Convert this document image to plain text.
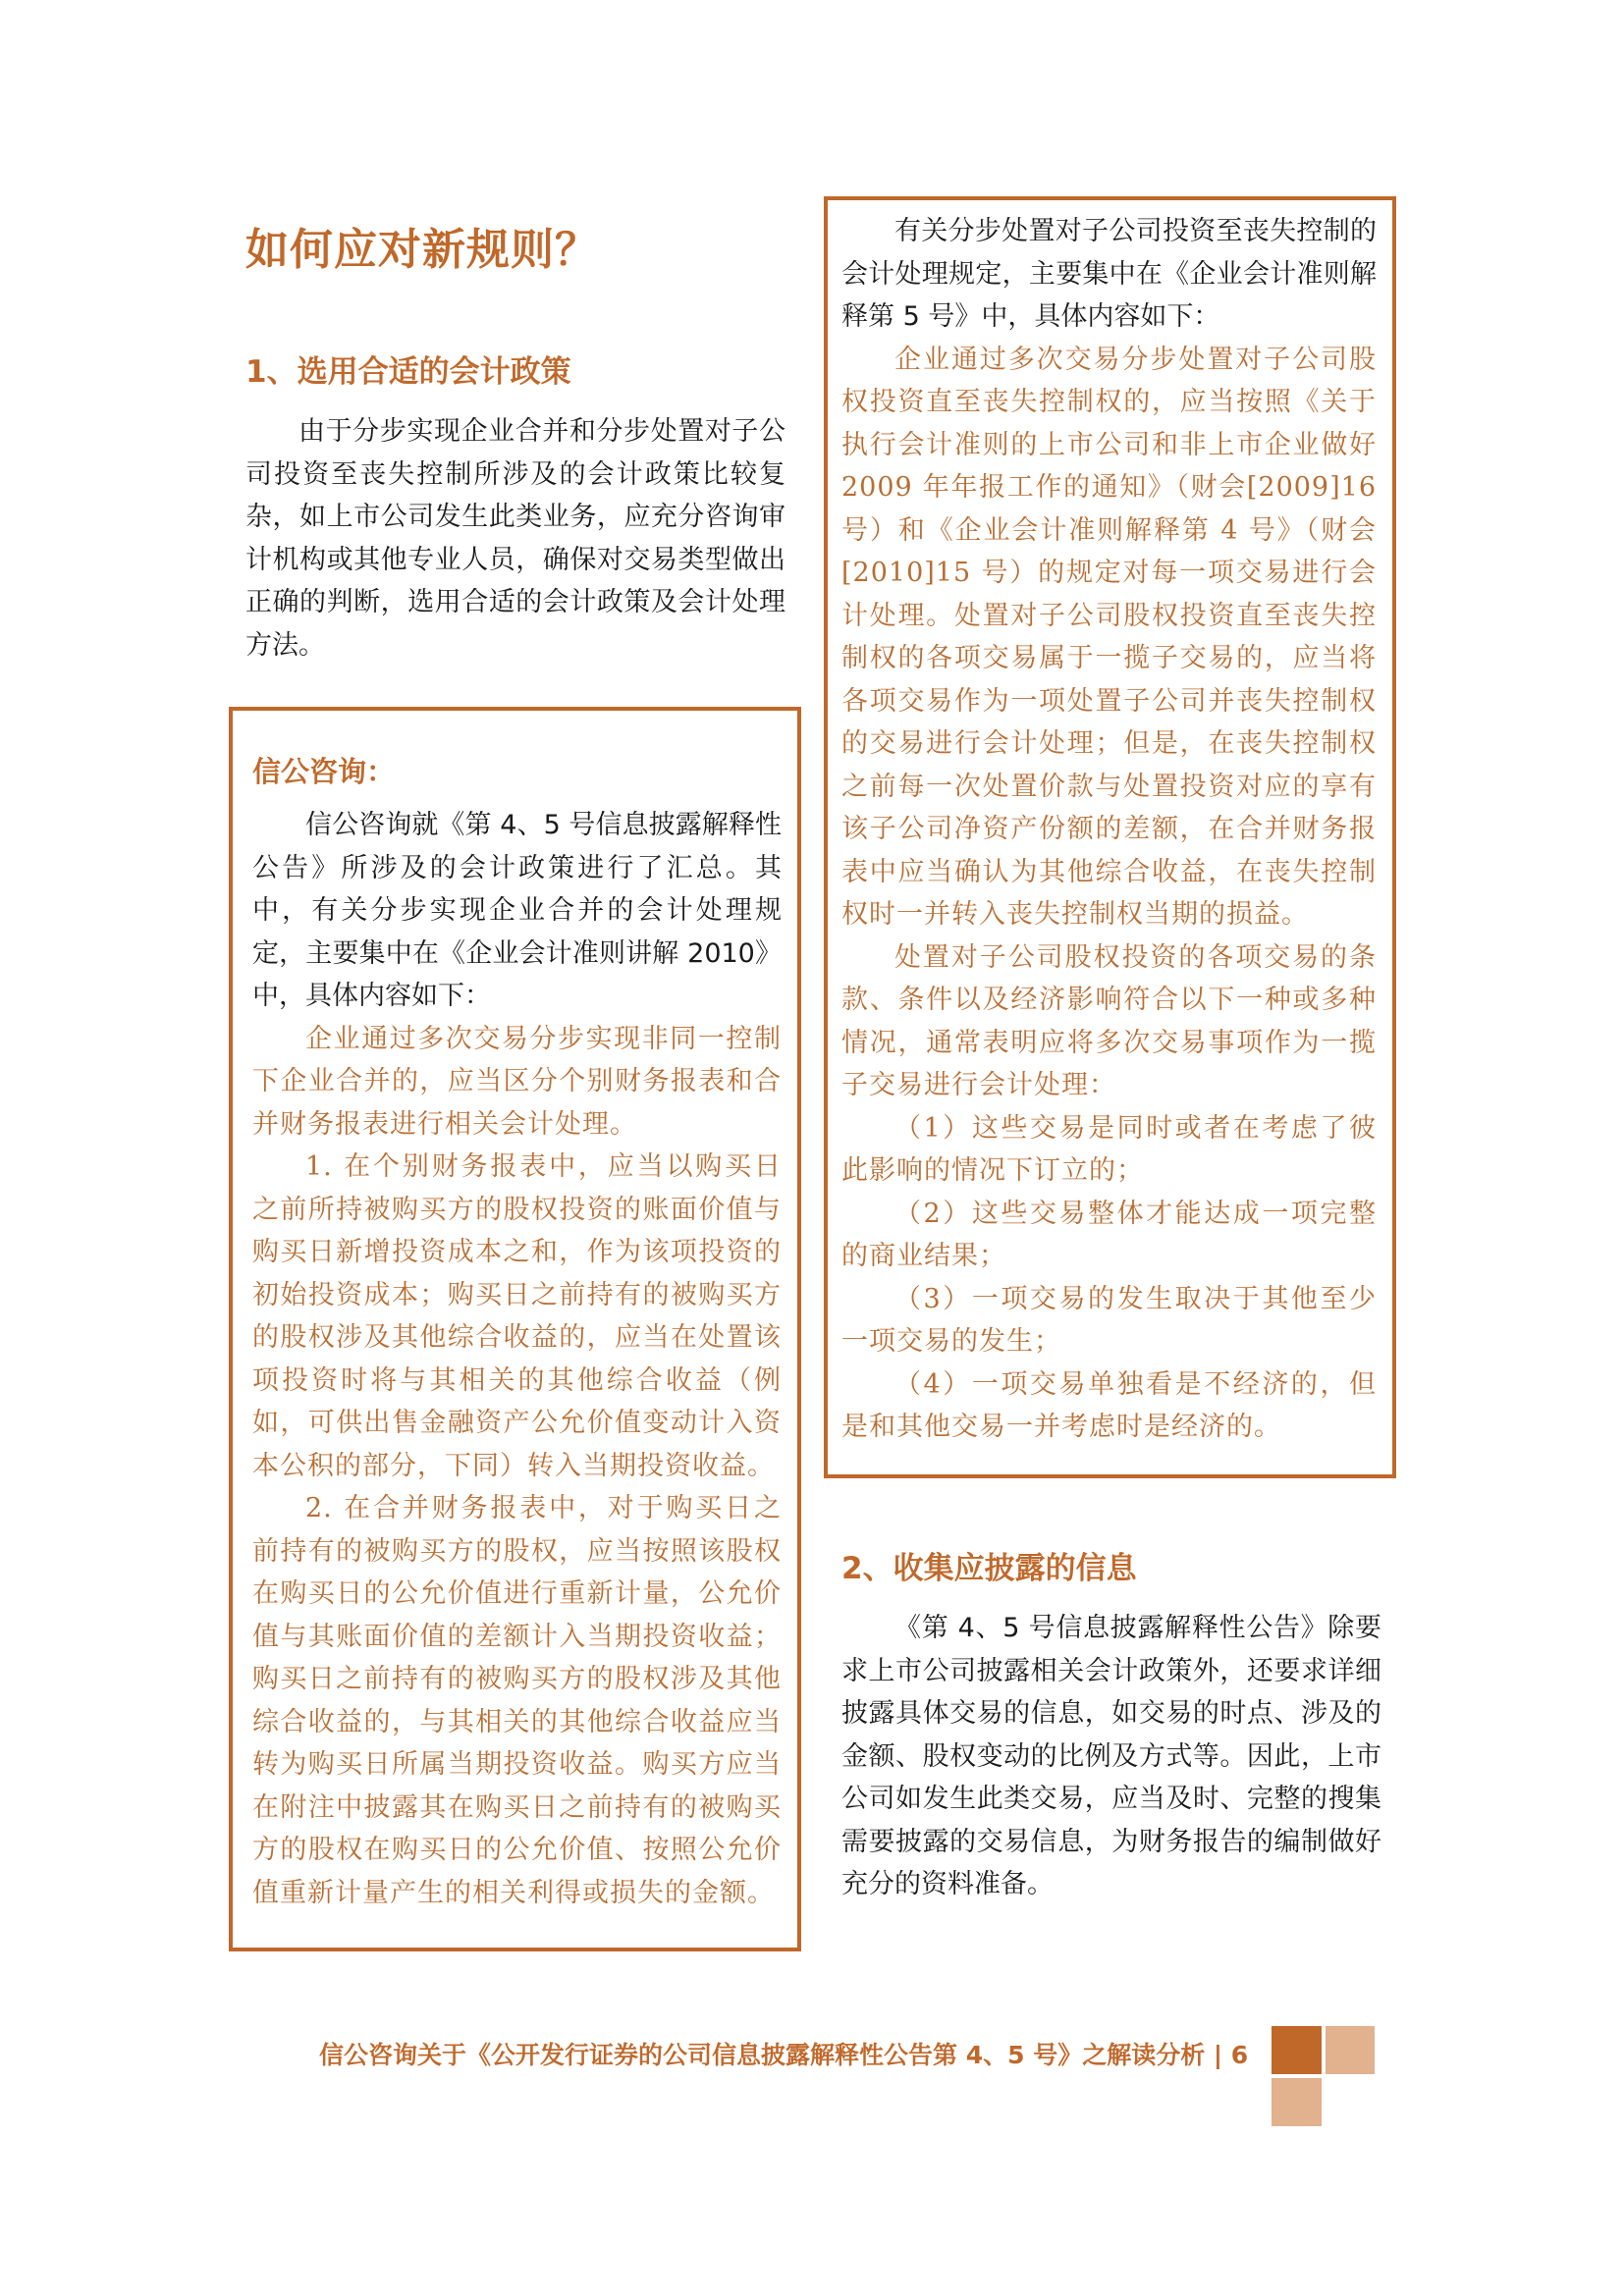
如何应对新规则？
1、选用合适的会计政策

由于分步实现企业合并和分步处置对子公司投资至丧失控制所涉及的会计政策比较复杂，如上市公司发生此类业务，应充分咨询审计机构或其他专业人员，确保对交易类型做出正确的判断，选用合适的会计政策及会计处理方法。

信公咨询：

信公咨询就《第 4、5 号信息披露解释性公告》所涉及的会计政策进行了汇总。其中，有关分步实现企业合并的会计处理规定，主要集中在《企业会计准则讲解 2010》中，具体内容如下：

企业通过多次交易分步实现非同一控制下企业合并的，应当区分个别财务报表和合并财务报表进行相关会计处理。

1. 在个别财务报表中，应当以购买日之前所持被购买方的股权投资的账面价值与购买日新增投资成本之和，作为该项投资的初始投资成本；购买日之前持有的被购买方的股权涉及其他综合收益的，应当在处置该项投资时将与其相关的其他综合收益（例如，可供出售金融资产公允价值变动计入资本公积的部分，下同）转入当期投资收益。

2. 在合并财务报表中，对于购买日之前持有的被购买方的股权，应当按照该股权在购买日的公允价值进行重新计量，公允价值与其账面价值的差额计入当期投资收益；购买日之前持有的被购买方的股权涉及其他综合收益的，与其相关的其他综合收益应当转为购买日所属当期投资收益。购买方应当在附注中披露其在购买日之前持有的被购买方的股权在购买日的公允价值、按照公允价值重新计量产生的相关利得或损失的金额。

有关分步处置对子公司投资至丧失控制的会计处理规定，主要集中在《企业会计准则解释第 5 号》中，具体内容如下：

企业通过多次交易分步处置对子公司股权投资直至丧失控制权的，应当按照《关于执行会计准则的上市公司和非上市企业做好 2009 年年报工作的通知》（财会[2009]16 号）和《企业会计准则解释第 4 号》（财会[2010]15 号）的规定对每一项交易进行会计处理。处置对子公司股权投资直至丧失控制权的各项交易属于一揽子交易的，应当将各项交易作为一项处置子公司并丧失控制权的交易进行会计处理；但是，在丧失控制权之前每一次处置价款与处置投资对应的享有该子公司净资产份额的差额，在合并财务报表中应当确认为其他综合收益，在丧失控制权时一并转入丧失控制权当期的损益。

处置对子公司股权投资的各项交易的条款、条件以及经济影响符合以下一种或多种情况，通常表明应将多次交易事项作为一揽子交易进行会计处理：

（1）这些交易是同时或者在考虑了彼此影响的情况下订立的；

（2）这些交易整体才能达成一项完整的商业结果；

（3）一项交易的发生取决于其他至少一项交易的发生；

（4）一项交易单独看是不经济的，但是和其他交易一并考虑时是经济的。

2、收集应披露的信息

《第 4、5 号信息披露解释性公告》除要求上市公司披露相关会计政策外，还要求详细披露具体交易的信息，如交易的时点、涉及的金额、股权变动的比例及方式等。因此，上市公司如发生此类交易，应当及时、完整的搜集需要披露的交易信息，为财务报告的编制做好充分的资料准备。

信公咨询关于《公开发行证券的公司信息披露解释性公告第 4、5 号》之解读分析 | 6
